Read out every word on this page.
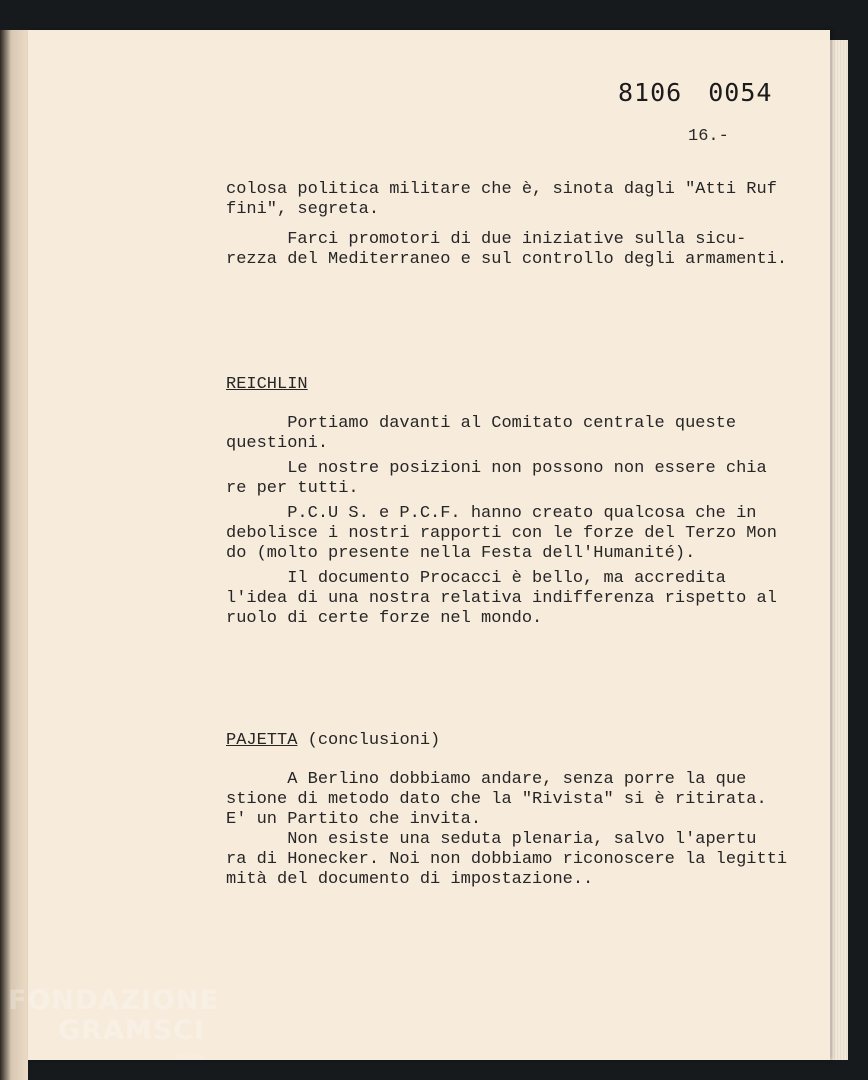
8106 0054
16.-
colosa politica militare che è, sinota dagli "Atti Ruf
fini", segreta.
Farci promotori di due iniziative sulla sicu-
rezza del Mediterraneo e sul controllo degli armamenti.
REICHLIN
Portiamo davanti al Comitato centrale queste
questioni.
Le nostre posizioni non possono non essere chia
re per tutti.
P.C.U S. e P.C.F. hanno creato qualcosa che in
debolisce i nostri rapporti con le forze del Terzo Mon
do (molto presente nella Festa dell'Humanité).
Il documento Procacci è bello, ma accredita
l'idea di una nostra relativa indifferenza rispetto al
ruolo di certe forze nel mondo.
PAJETTA (conclusioni)
A Berlino dobbiamo andare, senza porre la que
stione di metodo dato che la "Rivista" si è ritirata.
E' un Partito che invita.
Non esiste una seduta plenaria, salvo l'apertu
ra di Honecker. Noi non dobbiamo riconoscere la legitti
mità del documento di impostazione..
FONDAZIONE
GRAMSCI
online
